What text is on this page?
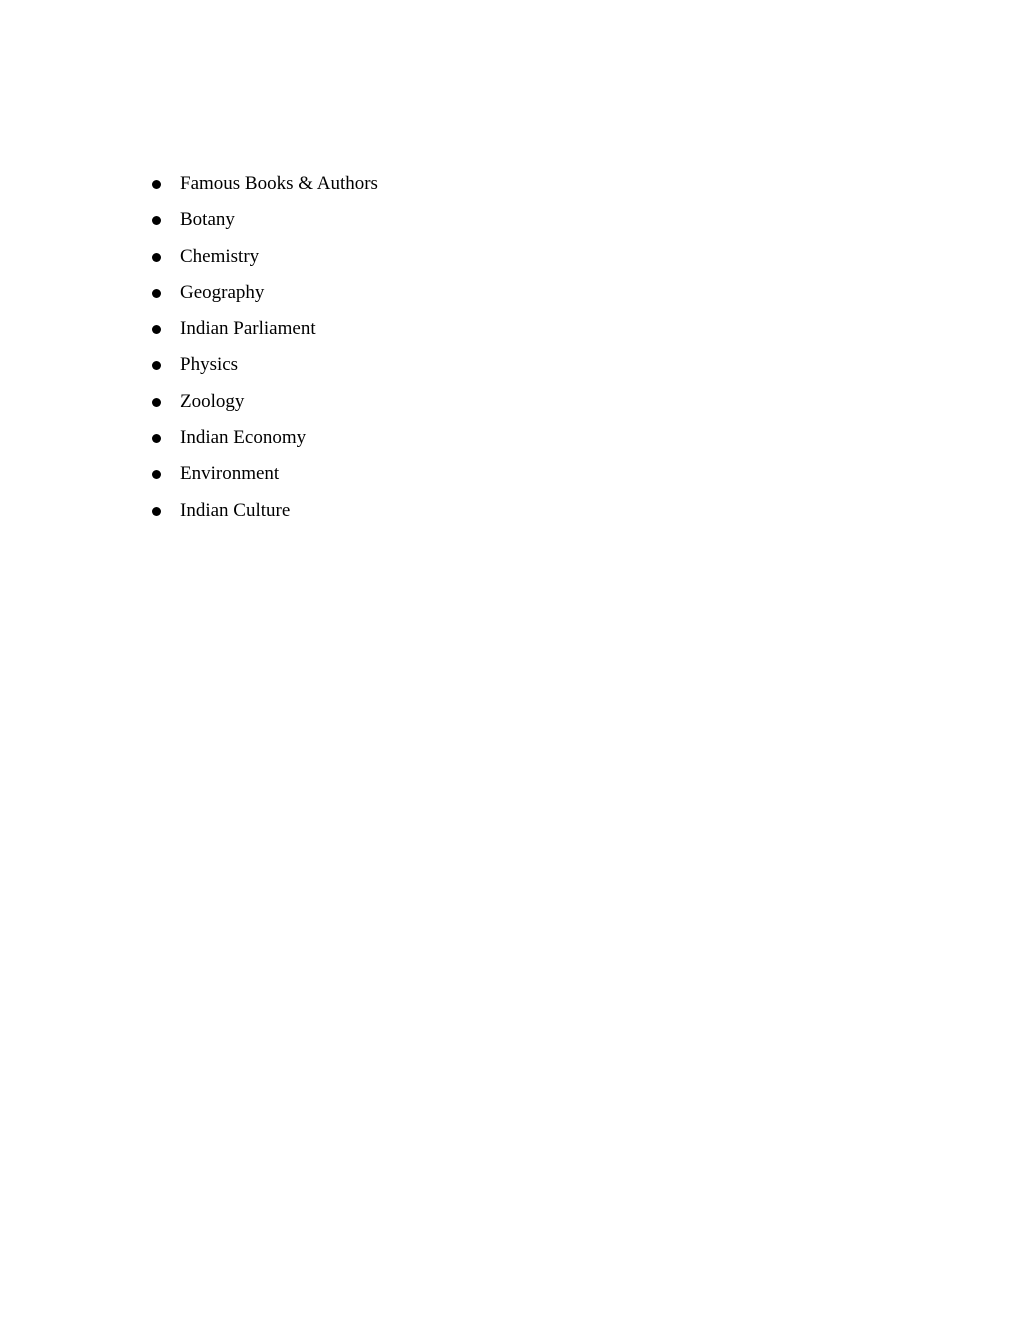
Famous Books & Authors
Botany
Chemistry
Geography
Indian Parliament
Physics
Zoology
Indian Economy
Environment
Indian Culture
